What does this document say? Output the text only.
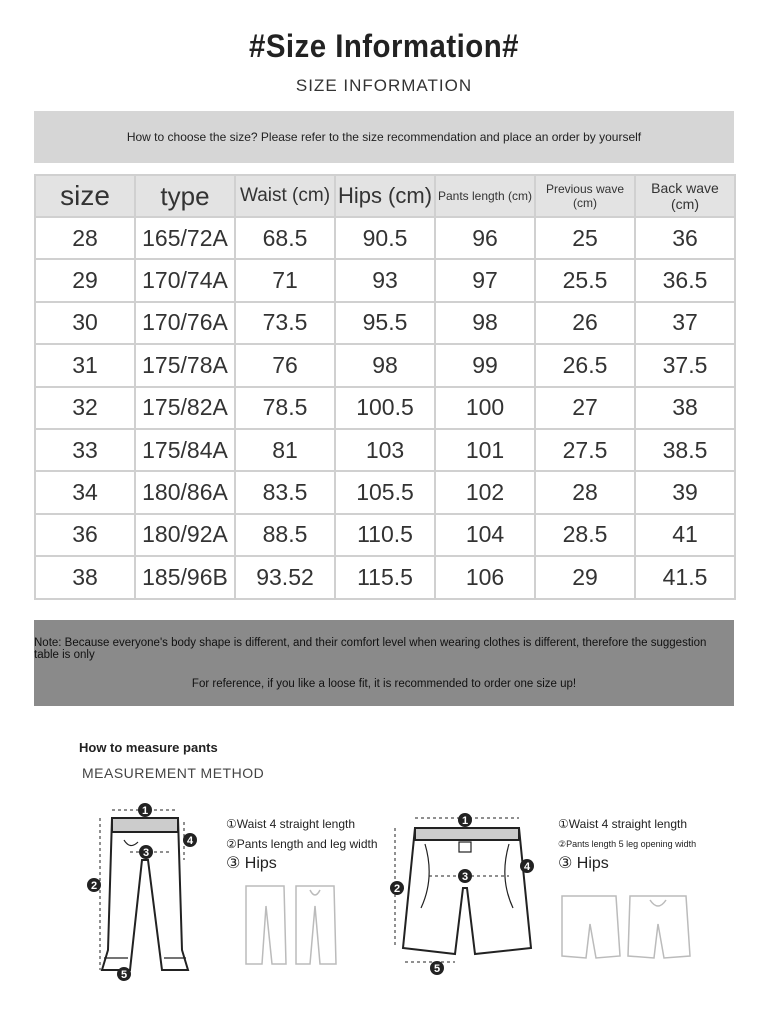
#Size Information#
SIZE INFORMATION
How to choose the size? Please refer to the size recommendation and place an order by yourself
size	type	Waist (cm)	Hips (cm)	Pants length (cm)	Previous wave (cm)	Back wave (cm)
28	165/72A	68.5	90.5	96	25	36
29	170/74A	71	93	97	25.5	36.5
30	170/76A	73.5	95.5	98	26	37
31	175/78A	76	98	99	26.5	37.5
32	175/82A	78.5	100.5	100	27	38
33	175/84A	81	103	101	27.5	38.5
34	180/86A	83.5	105.5	102	28	39
36	180/92A	88.5	110.5	104	28.5	41
38	185/96B	93.52	115.5	106	29	41.5
Note: Because everyone's body shape is different, and their comfort level when wearing clothes is different, therefore the suggestion table is only
For reference, if you like a loose fit, it is recommended to order one size up!
How to measure pants
MEASUREMENT METHOD
1
2
3
4
5
①Waist 4 straight length
②Pants length and leg width
③ Hips
1
2
3
4
5
①Waist 4 straight length
②Pants length 5 leg opening width
③ Hips
